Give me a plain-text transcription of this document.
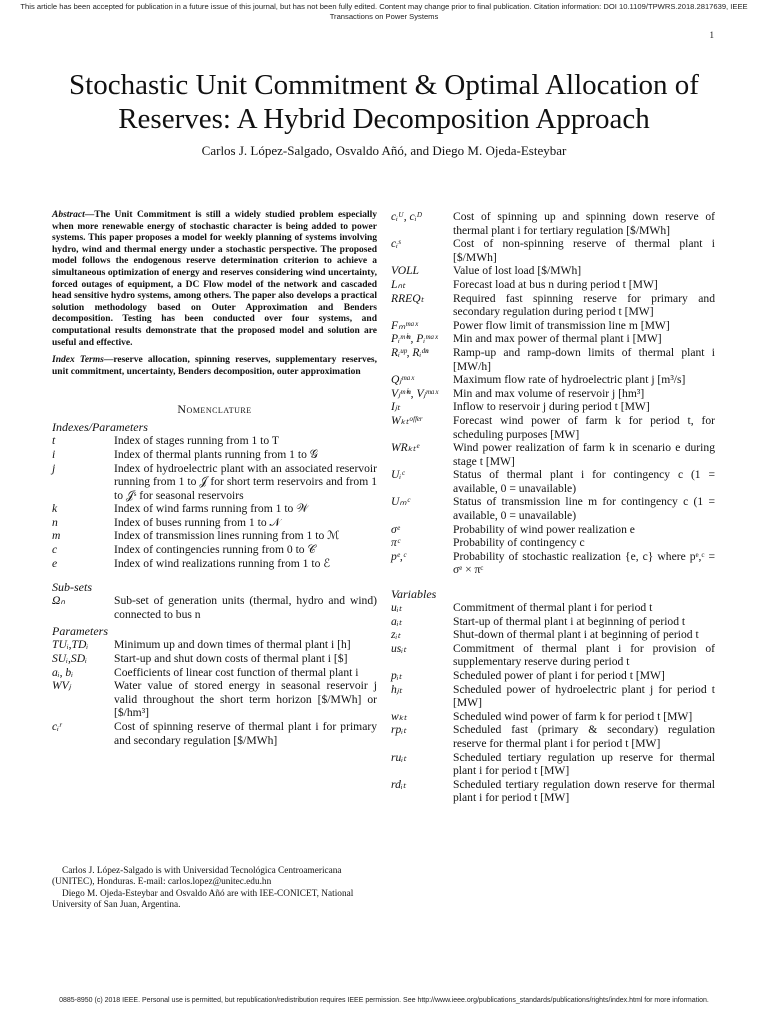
This article has been accepted for publication in a future issue of this journal, but has not been fully edited. Content may change prior to final publication. Citation information: DOI 10.1109/TPWRS.2018.2817639, IEEE Transactions on Power Systems
1
Stochastic Unit Commitment & Optimal Allocation of Reserves: A Hybrid Decomposition Approach
Carlos J. López-Salgado, Osvaldo Añó, and Diego M. Ojeda-Esteybar

Abstract—The Unit Commitment is still a widely studied problem especially when more renewable energy of stochastic character is being added to power systems. This paper proposes a model for weekly planning of systems involving hydro, wind and thermal energy under a stochastic perspective. The proposed model follows the endogenous reserve determination criterion to achieve a simultaneous optimization of energy and reserves considering wind uncertainty, forced outages of equipment, a DC Flow model of the network and cascaded head sensitive hydro systems, among others. The paper also develops a practical solution methodology based on Outer Approximation and Benders decomposition. Testing has been conducted over four systems, and computational results demonstrate that the proposed model and solution are useful and effective.

Index Terms—reserve allocation, spinning reserves, supplementary reserves, unit commitment, uncertainty, Benders decomposition, outer approximation

Nomenclature
Indexes/Parameters
t	Index of stages running from 1 to T
i	Index of thermal plants running from 1 to 𝒢
j	Index of hydroelectric plant with an associated reservoir running from 1 to 𝒥 for short term reservoirs and from 1 to 𝒥ˢ for seasonal reservoirs
k	Index of wind farms running from 1 to 𝒲
n	Index of buses running from 1 to 𝒩
m	Index of transmission lines running from 1 to ℳ
c	Index of contingencies running from 0 to 𝒞
e	Index of wind realizations running from 1 to ℰ
Sub-sets
Ωₙ	Sub-set of generation units (thermal, hydro and wind) connected to bus n
Parameters
TUᵢ,TDᵢ	Minimum up and down times of thermal plant i [h]
SUᵢ,SDᵢ	Start-up and shut down costs of thermal plant i [$]
aᵢ, bᵢ	Coefficients of linear cost function of thermal plant i
WVⱼ	Water value of stored energy in seasonal reservoir j valid throughout the short term horizon [$/MWh] or [$/hm³]
cᵢʳ	Cost of spinning reserve of thermal plant i for primary and secondary regulation [$/MWh]

Carlos J. López-Salgado is with Universidad Tecnológica Centroamericana (UNITEC), Honduras. E-mail: carlos.lopez@unitec.edu.hn

Diego M. Ojeda-Esteybar and Osvaldo Añó are with IEE-CONICET, National University of San Juan, Argentina.

cᵢᵁ, cᵢᴰ	Cost of spinning up and spinning down reserve of thermal plant i for tertiary regulation [$/MWh]
cᵢˢ	Cost of non-spinning reserve of thermal plant i [$/MWh]
VOLL	Value of lost load [$/MWh]
Lₙₜ	Forecast load at bus n during period t [MW]
RREQₜ	Required fast spinning reserve for primary and secondary regulation during period t [MW]
Fₘᵐᵃˣ	Power flow limit of transmission line m [MW]
Pᵢᵐⁱⁿ, Pᵢᵐᵃˣ	Min and max power of thermal plant i [MW]
Rᵢᵘᵖ, Rᵢᵈⁿ	Ramp-up and ramp-down limits of thermal plant i [MW/h]
Qⱼᵐᵃˣ	Maximum flow rate of hydroelectric plant j [m³/s]
Vⱼᵐⁱⁿ, Vⱼᵐᵃˣ	Min and max volume of reservoir j [hm³]
Iⱼₜ	Inflow to reservoir j during period t [MW]
Wₖₜᵒᶠᶠᵉʳ	Forecast wind power of farm k for period t, for scheduling purposes [MW]
WRₖₜᵉ	Wind power realization of farm k in scenario e during stage t [MW]
Uᵢᶜ	Status of thermal plant i for contingency c (1 = available, 0 = unavailable)
Uₘᶜ	Status of transmission line m for contingency c (1 = available, 0 = unavailable)
σᵉ	Probability of wind power realization e
πᶜ	Probability of contingency c
pᵉ,ᶜ	Probability of stochastic realization {e, c} where pᵉ,ᶜ = σᵉ × πᶜ
Variables
uᵢₜ	Commitment of thermal plant i for period t
aᵢₜ	Start-up of thermal plant i at beginning of period t
zᵢₜ	Shut-down of thermal plant i at beginning of period t
usᵢₜ	Commitment of thermal plant i for provision of supplementary reserve during period t
pᵢₜ	Scheduled power of plant i for period t [MW]
hⱼₜ	Scheduled power of hydroelectric plant j for period t [MW]
wₖₜ	Scheduled wind power of farm k for period t [MW]
rpᵢₜ	Scheduled fast (primary & secondary) regulation reserve for thermal plant i for period t [MW]
ruᵢₜ	Scheduled tertiary regulation up reserve for thermal plant i for period t [MW]
rdᵢₜ	Scheduled tertiary regulation down reserve for thermal plant i for period t [MW]
0885-8950 (c) 2018 IEEE. Personal use is permitted, but republication/redistribution requires IEEE permission. See http://www.ieee.org/publications_standards/publications/rights/index.html for more information.
